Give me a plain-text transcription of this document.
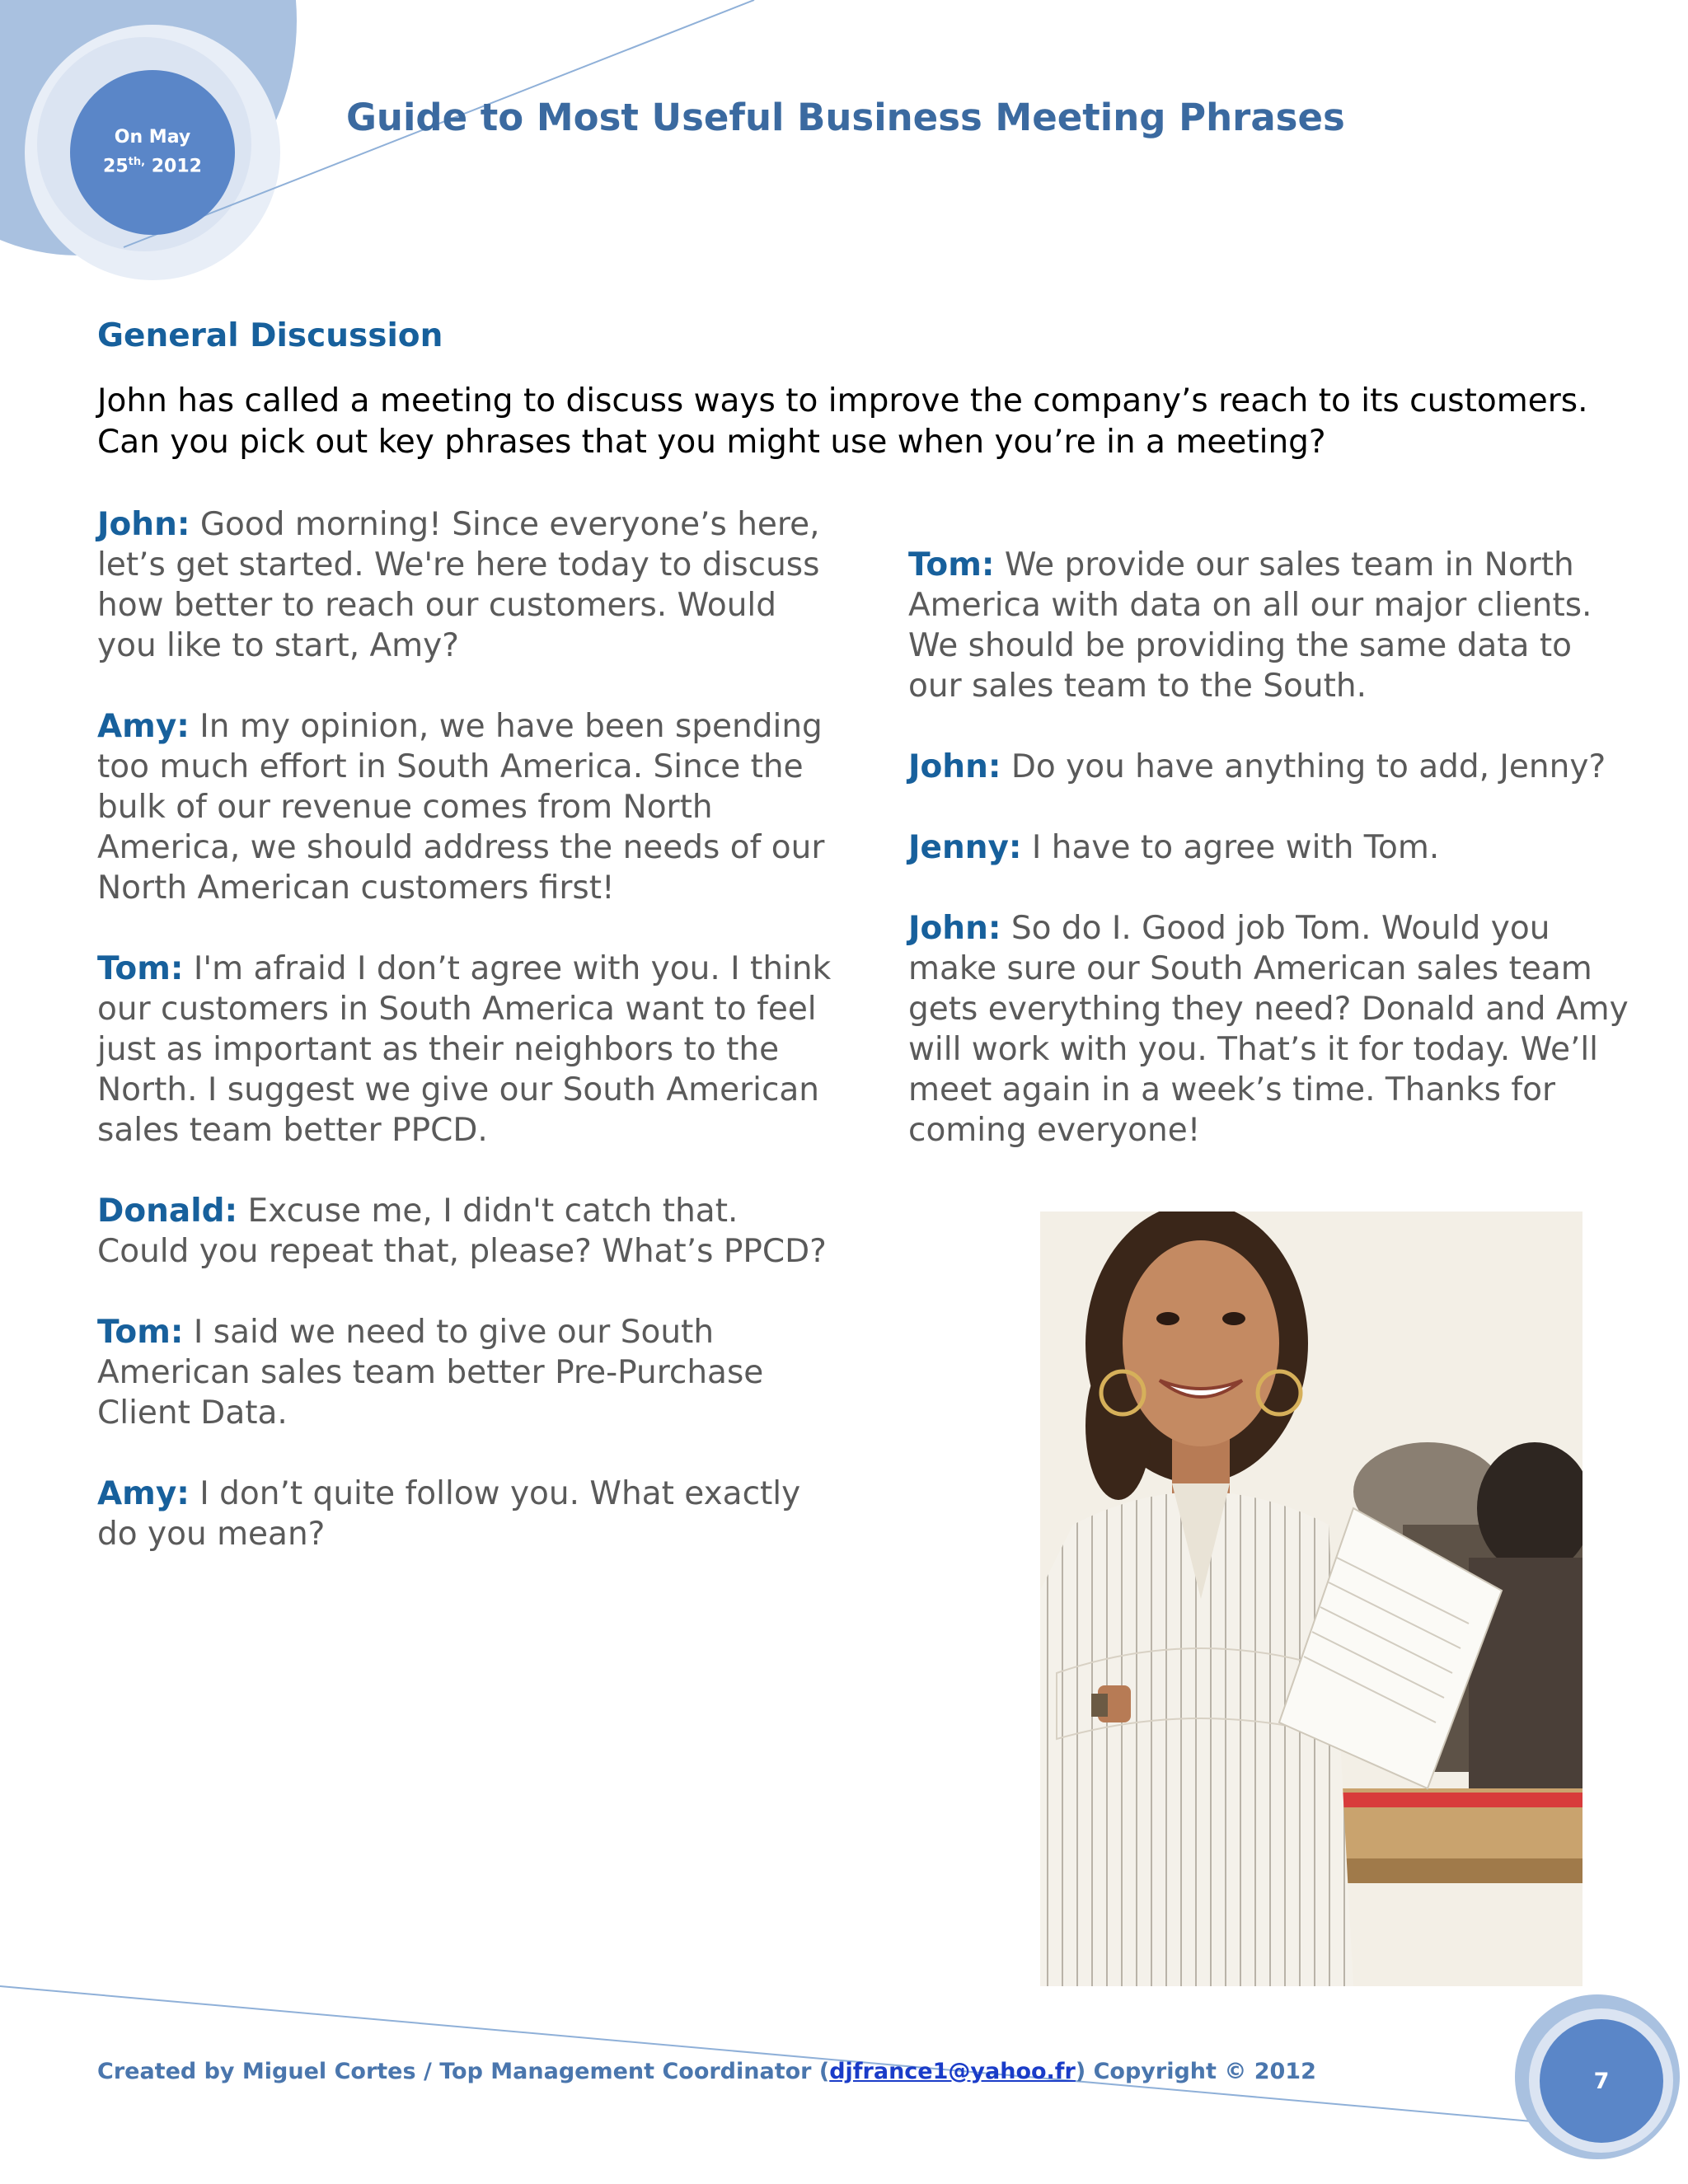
On May
$25^{th,}$ 2012
Guide to Most Useful Business Meeting Phrases
General Discussion
John has called a meeting to discuss ways to improve the company’s reach to its customers. Can you pick out key phrases that you might use when you’re in a meeting?

John: Good morning! Since everyone’s here, let’s get started. We're here today to discuss how better to reach our customers. Would you like to start, Amy?

Amy: In my opinion, we have been spending too much effort in South America. Since the bulk of our revenue comes from North America, we should address the needs of our North American customers first!

Tom: I'm afraid I don’t agree with you. I think our customers in South America want to feel just as important as their neighbors to the North. I suggest we give our South American sales team better PPCD.

Donald: Excuse me, I didn't catch that. Could you repeat that, please? What’s PPCD?

Tom: I said we need to give our South American sales team better Pre-Purchase Client Data.

Amy: I don’t quite follow you. What exactly do you mean?

Tom: We provide our sales team in North America with data on all our major clients. We should be providing the same data to our sales team to the South.

John: Do you have anything to add, Jenny?

Jenny: I have to agree with Tom.

John: So do I. Good job Tom. Would you make sure our South American sales team gets everything they need? Donald and Amy will work with you. That’s it for today. We’ll meet again in a week’s time. Thanks for coming everyone!

Created by Miguel Cortes / Top Management Coordinator (djfrance1@yahoo.fr) Copyright © 2012	7
